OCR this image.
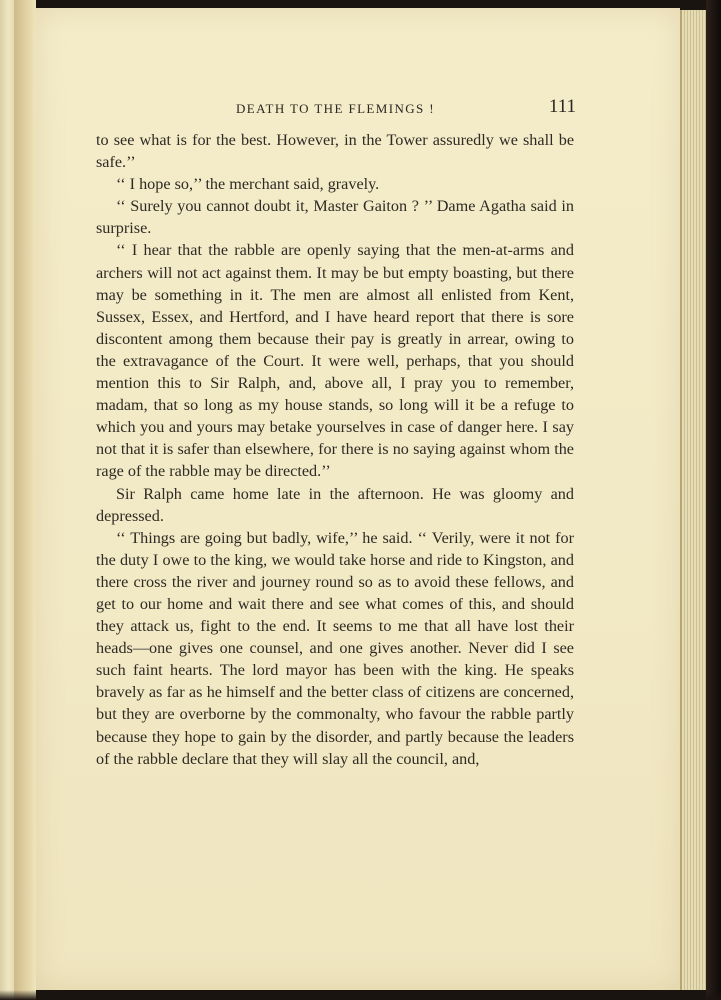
DEATH TO THE FLEMINGS !	111

to see what is for the best. However, in the Tower assuredly we shall be safe.’’

‘‘ I hope so,’’ the merchant said, gravely.

‘‘ Surely you cannot doubt it, Master Gaiton ? ’’ Dame Agatha said in surprise.

‘‘ I hear that the rabble are openly saying that the men-at-arms and archers will not act against them. It may be but empty boasting, but there may be something in it. The men are almost all enlisted from Kent, Sussex, Essex, and Hertford, and I have heard report that there is sore discontent among them because their pay is greatly in arrear, owing to the extravagance of the Court. It were well, perhaps, that you should mention this to Sir Ralph, and, above all, I pray you to remember, madam, that so long as my house stands, so long will it be a refuge to which you and yours may betake yourselves in case of danger here. I say not that it is safer than elsewhere, for there is no saying against whom the rage of the rabble may be directed.’’

Sir Ralph came home late in the afternoon. He was gloomy and depressed.

‘‘ Things are going but badly, wife,’’ he said. ‘‘ Verily, were it not for the duty I owe to the king, we would take horse and ride to Kingston, and there cross the river and journey round so as to avoid these fellows, and get to our home and wait there and see what comes of this, and should they attack us, fight to the end. It seems to me that all have lost their heads—one gives one counsel, and one gives another. Never did I see such faint hearts. The lord mayor has been with the king. He speaks bravely as far as he himself and the better class of citizens are concerned, but they are overborne by the commonalty, who favour the rabble partly because they hope to gain by the disorder, and partly because the leaders of the rabble declare that they will slay all the council, and,
